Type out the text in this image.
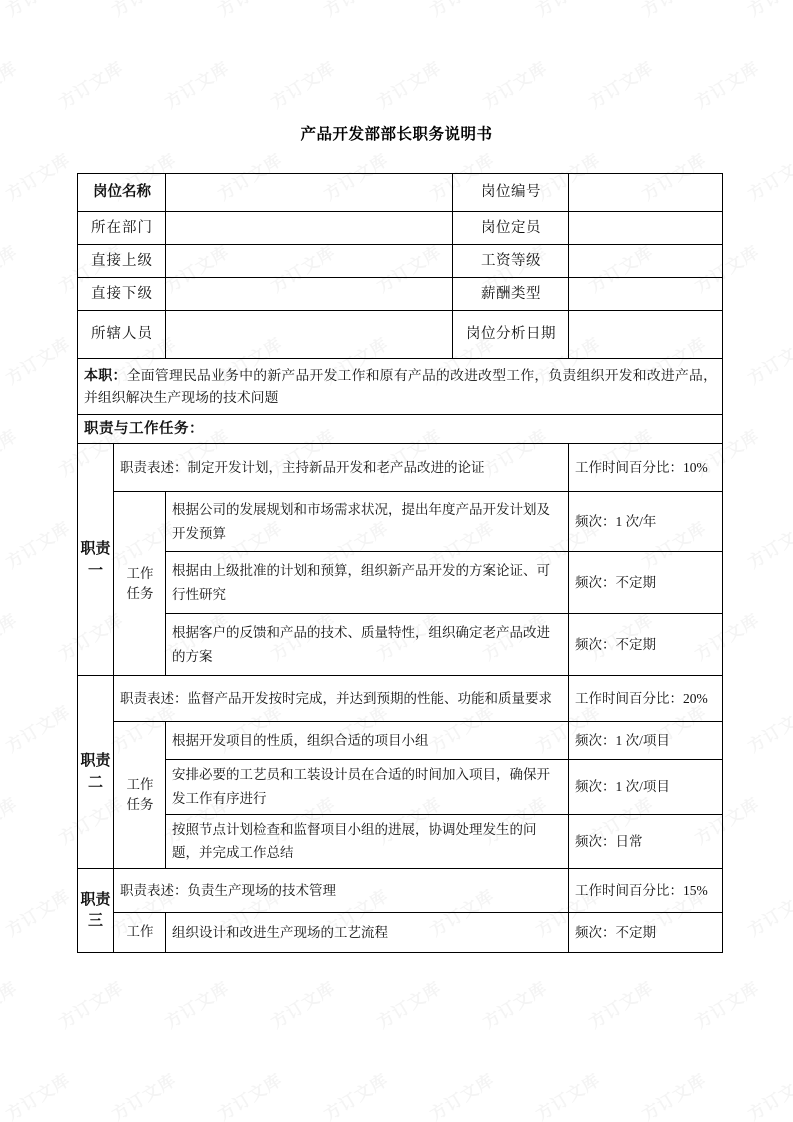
产品开发部部长职务说明书
岗位名称			岗位编号	

所在部门			岗位定员	

直接上级			工资等级	

直接下级			薪酬类型	

所辖人员			岗位分析日期	

本职：全面管理民品业务中的新产品开发工作和原有产品的改进改型工作，负责组织开发和改进产品，并组织解决生产现场的技术问题				

职责与工作任务：				

职责一	职责表述：制定开发计划，主持新品开发和老产品改进的论证			工作时间百分比：10%

	工作任务	根据公司的发展规划和市场需求状况，提出年度产品开发计划及开发预算		频次：1 次/年

		根据由上级批准的计划和预算，组织新产品开发的方案论证、可行性研究		频次：不定期

		根据客户的反馈和产品的技术、质量特性，组织确定老产品改进的方案		频次：不定期

职责二	职责表述：监督产品开发按时完成，并达到预期的性能、功能和质量要求			工作时间百分比：20%

	工作任务	根据开发项目的性质，组织合适的项目小组		频次：1 次/项目

		安排必要的工艺员和工装设计员在合适的时间加入项目，确保开发工作有序进行		频次：1 次/项目

		按照节点计划检查和监督项目小组的进展，协调处理发生的问题，并完成工作总结		频次：日常

职责三	职责表述：负责生产现场的技术管理			工作时间百分比：15%

	工作	组织设计和改进生产现场的工艺流程		频次：不定期
